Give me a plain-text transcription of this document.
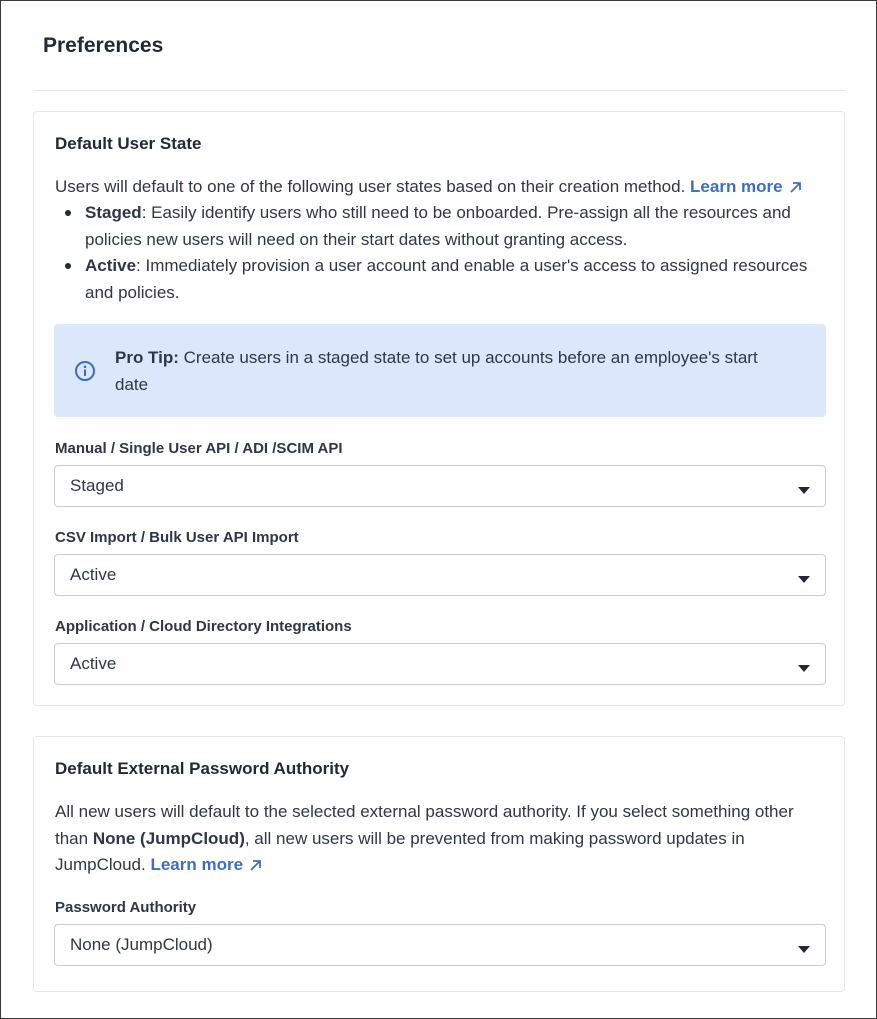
Preferences
Default User State
Users will default to one of the following user states based on their creation method. Learn more
Staged: Easily identify users who still need to be onboarded. Pre-assign all the resources and policies new users will need on their start dates without granting access.
Active: Immediately provision a user account and enable a user's access to assigned resources and policies.
Pro Tip: Create users in a staged state to set up accounts before an employee's start date
Manual / Single User API / ADI /SCIM API
Staged
CSV Import / Bulk User API Import
Active
Application / Cloud Directory Integrations
Active
Default External Password Authority
All new users will default to the selected external password authority. If you select something other than None (JumpCloud), all new users will be prevented from making password updates in JumpCloud. Learn more
Password Authority
None (JumpCloud)
